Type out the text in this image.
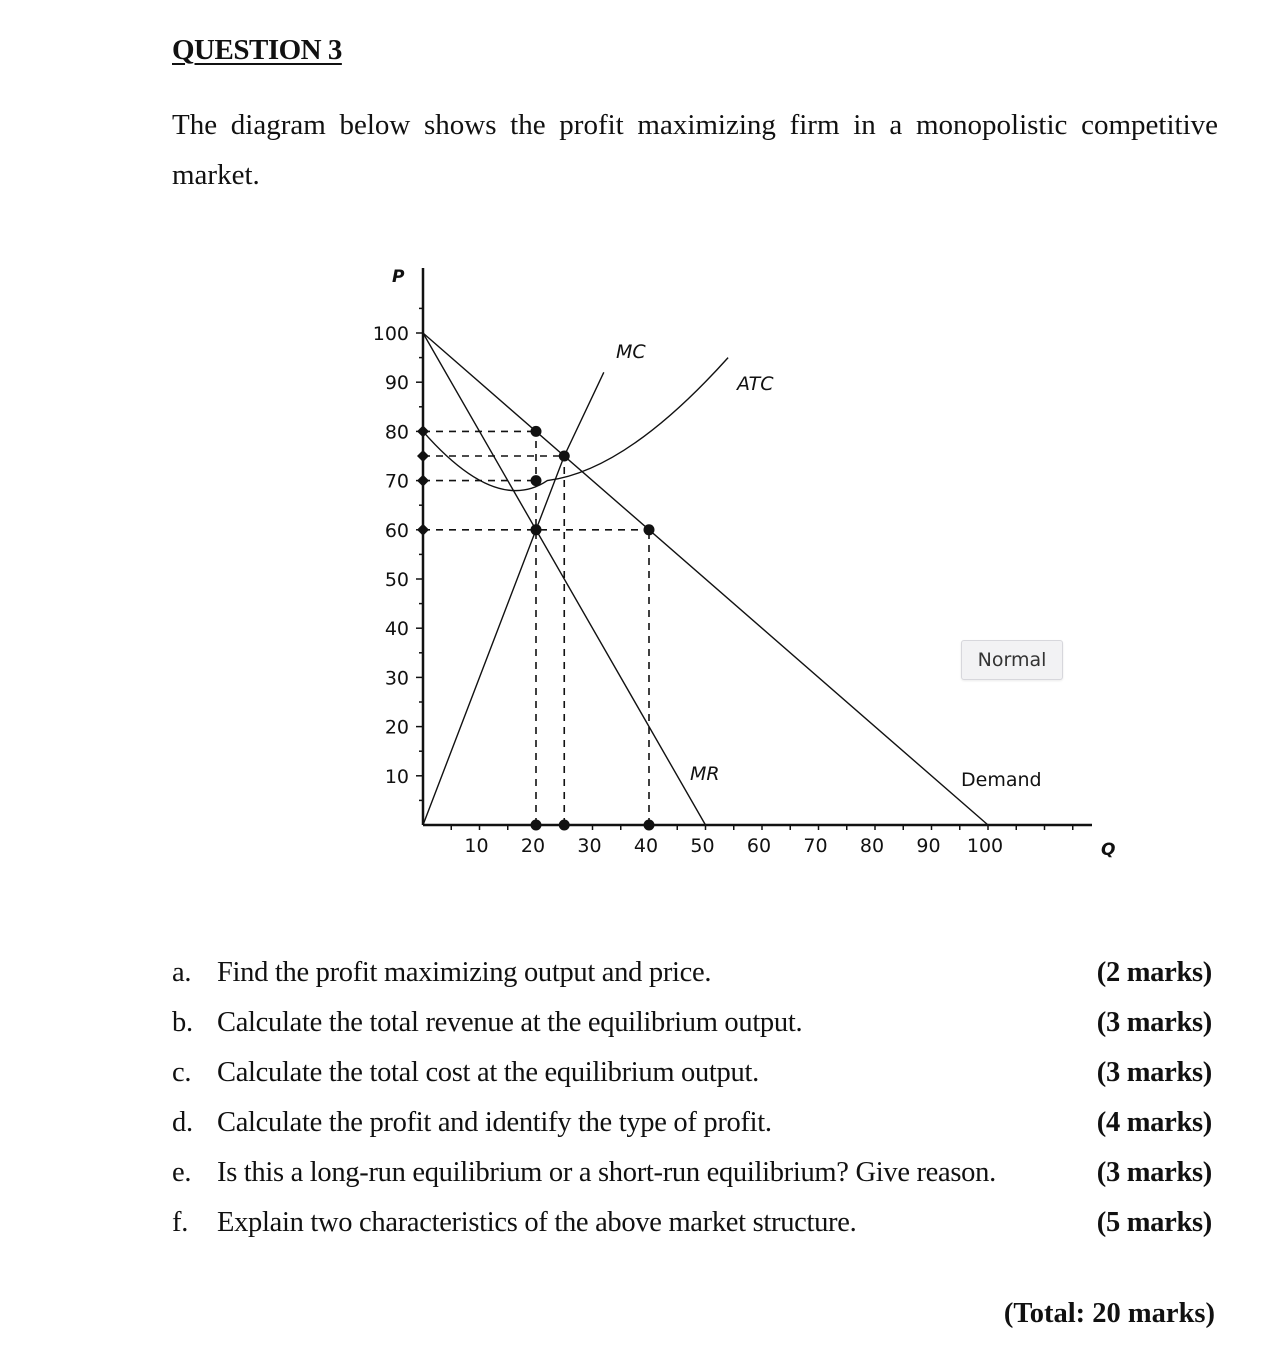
QUESTION 3
The diagram below shows the profit maximizing firm in a monopolistic competitive market.
10
20
30
40
50
60
70
80
90
100
10 20 30 40 50 60 70 80 90 100
P
Q
MC
ATC
MR	Demand
Normal
a. Find the profit maximizing output and price.	(2 marks)
b. Calculate the total revenue at the equilibrium output.	(3 marks)
c. Calculate the total cost at the equilibrium output.	(3 marks)
d. Calculate the profit and identify the type of profit.	(4 marks)
e. Is this a long-run equilibrium or a short-run equilibrium? Give reason.	(3 marks)
f. Explain two characteristics of the above market structure.	(5 marks)
(Total: 20 marks)
